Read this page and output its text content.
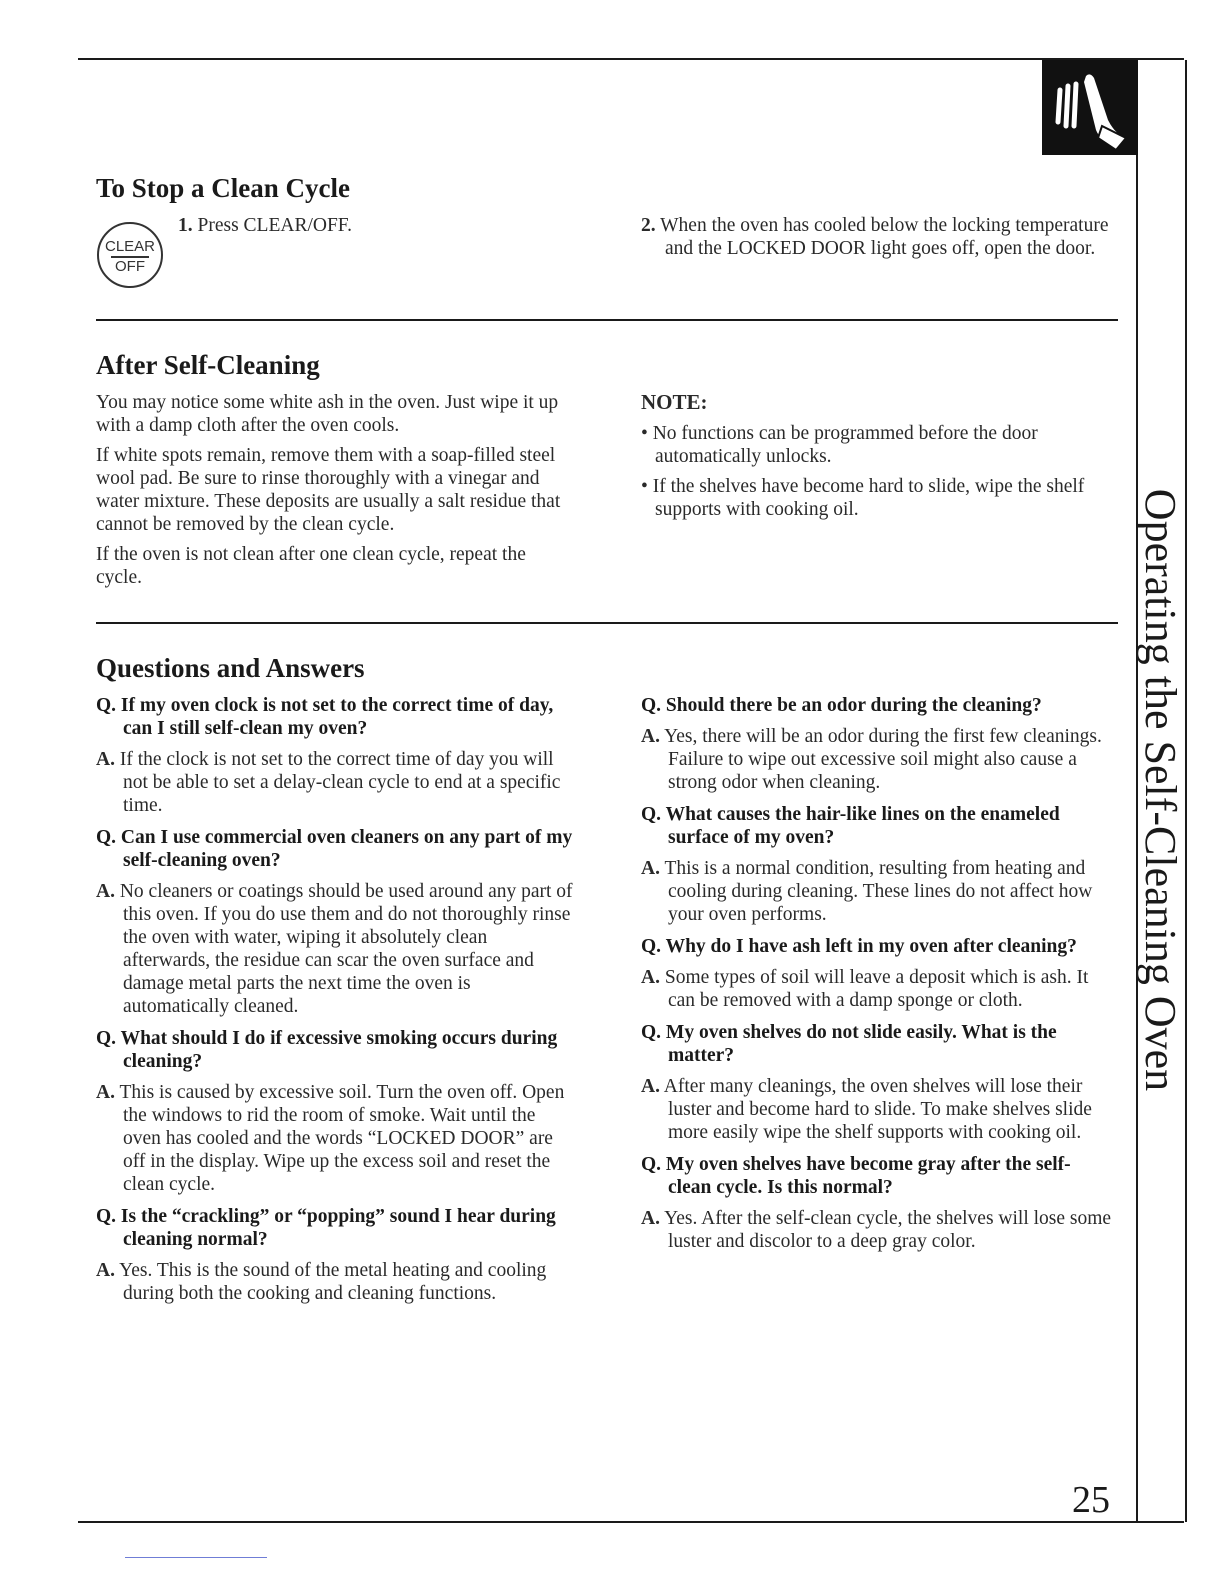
Operating the Self-Cleaning Oven
To Stop a Clean Cycle
CLEAR
OFF
1. Press CLEAR/OFF.	2. When the oven has cooled below the locking temperature and the LOCKED DOOR light goes off, open the door.
After Self-Cleaning

You may notice some white ash in the oven. Just wipe it up with a damp cloth after the oven cools.

If white spots remain, remove them with a soap-filled steel wool pad. Be sure to rinse thoroughly with a vinegar and water mixture. These deposits are usually a salt residue that cannot be removed by the clean cycle.

If the oven is not clean after one clean cycle, repeat the cycle.

NOTE:
• No functions can be programmed before the door automatically unlocks.
• If the shelves have become hard to slide, wipe the shelf supports with cooking oil.
Questions and Answers
Q. If my oven clock is not set to the correct time of day, can I still self-clean my oven?
A. If the clock is not set to the correct time of day you will not be able to set a delay-clean cycle to end at a specific time.
Q. Can I use commercial oven cleaners on any part of my self-cleaning oven?
A. No cleaners or coatings should be used around any part of this oven. If you do use them and do not thoroughly rinse the oven with water, wiping it absolutely clean afterwards, the residue can scar the oven surface and damage metal parts the next time the oven is automatically cleaned.
Q. What should I do if excessive smoking occurs during cleaning?
A. This is caused by excessive soil. Turn the oven off. Open the windows to rid the room of smoke. Wait until the oven has cooled and the words “LOCKED DOOR” are off in the display. Wipe up the excess soil and reset the clean cycle.
Q. Is the “crackling” or “popping” sound I hear during cleaning normal?
A. Yes. This is the sound of the metal heating and cooling during both the cooking and cleaning functions.
Q. Should there be an odor during the cleaning?
A. Yes, there will be an odor during the first few cleanings. Failure to wipe out excessive soil might also cause a strong odor when cleaning.
Q. What causes the hair-like lines on the enameled surface of my oven?
A. This is a normal condition, resulting from heating and cooling during cleaning. These lines do not affect how your oven performs.
Q. Why do I have ash left in my oven after cleaning?
A. Some types of soil will leave a deposit which is ash. It can be removed with a damp sponge or cloth.
Q. My oven shelves do not slide easily. What is the matter?
A. After many cleanings, the oven shelves will lose their luster and become hard to slide. To make shelves slide more easily wipe the shelf supports with cooking oil.
Q. My oven shelves have become gray after the self-clean cycle. Is this normal?
A. Yes. After the self-clean cycle, the shelves will lose some luster and discolor to a deep gray color.
25
